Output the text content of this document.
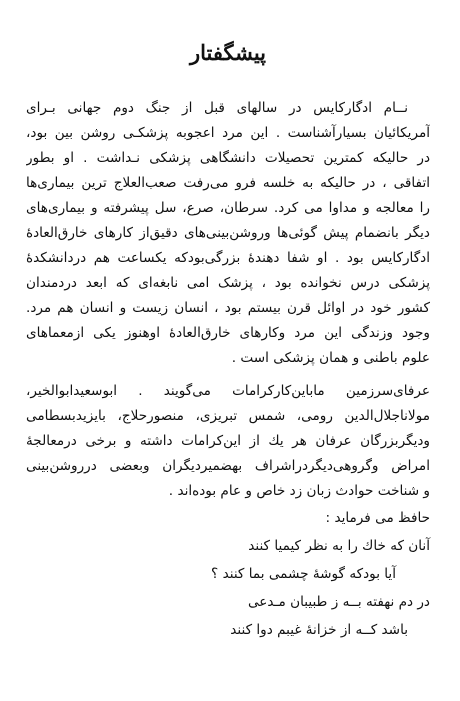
پیشگفتار
نــام ادگارکایس در سالهای قبل از جنگ دوم جهانی بـرای
آمریکائیان بسیارآشناست . این مرد اعجوبه پزشکـی روشن بین بود،
در حالیکه کمترین تحصیلات دانشگاهی پزشکی نـداشت . او بطور
اتفاقی ، در حالیکه به خلسه فرو می‌رفت صعب‌العلاج ترین بیماری‌ها
را معالجه و مداوا می کرد. سرطان، صرع، سل پیشرفته و بیماری‌های
دیگر بانضمام پیش گوئی‌ها وروشن‌بینی‌های دقیق‌از کارهای خارق‌العادهٔ
ادگارکایس بود . او شفا دهندهٔ بزرگی‌بودکه یکساعت هم دردانشکدهٔ
پزشکی درس نخوانده بود ، پزشک امی نابغه‌ای که ابعد دردمندان
کشور خود در اوائل قرن بیستم بود ، انسان زیست و انسان هم مرد.
وجود وزندگی این مرد وکارهای خارق‌العادهٔ اوهنوز یکی ازمعماهای
علوم باطنی و همان پزشکی است .
عرفای‌سرزمین ماباین‌کارکرامات می‌گویند . ابوسعیدابوالخیر،
مولاناجلال‌الدین رومی، شمس تبریزی، منصورحلاج، بایزیدبسطامی
ودیگربزرگان عرفان هر یك از این‌کرامات داشته و برخی درمعالجهٔ
امراض وگروهی‌دیگردراشراف بهضمیردیگران وبعضی درروشن‌بینی
و شناخت حوادث زبان زد خاص و عام بوده‌اند .
حافظ می فرماید :
آنان که خاك را به نظر کیمیا کنند
آیا بودکه گوشهٔ چشمی بما کنند ؟
در دم نهفته بــه ز طبیبان مـدعی
باشد کــه از خزانهٔ غیبم دوا کنند
